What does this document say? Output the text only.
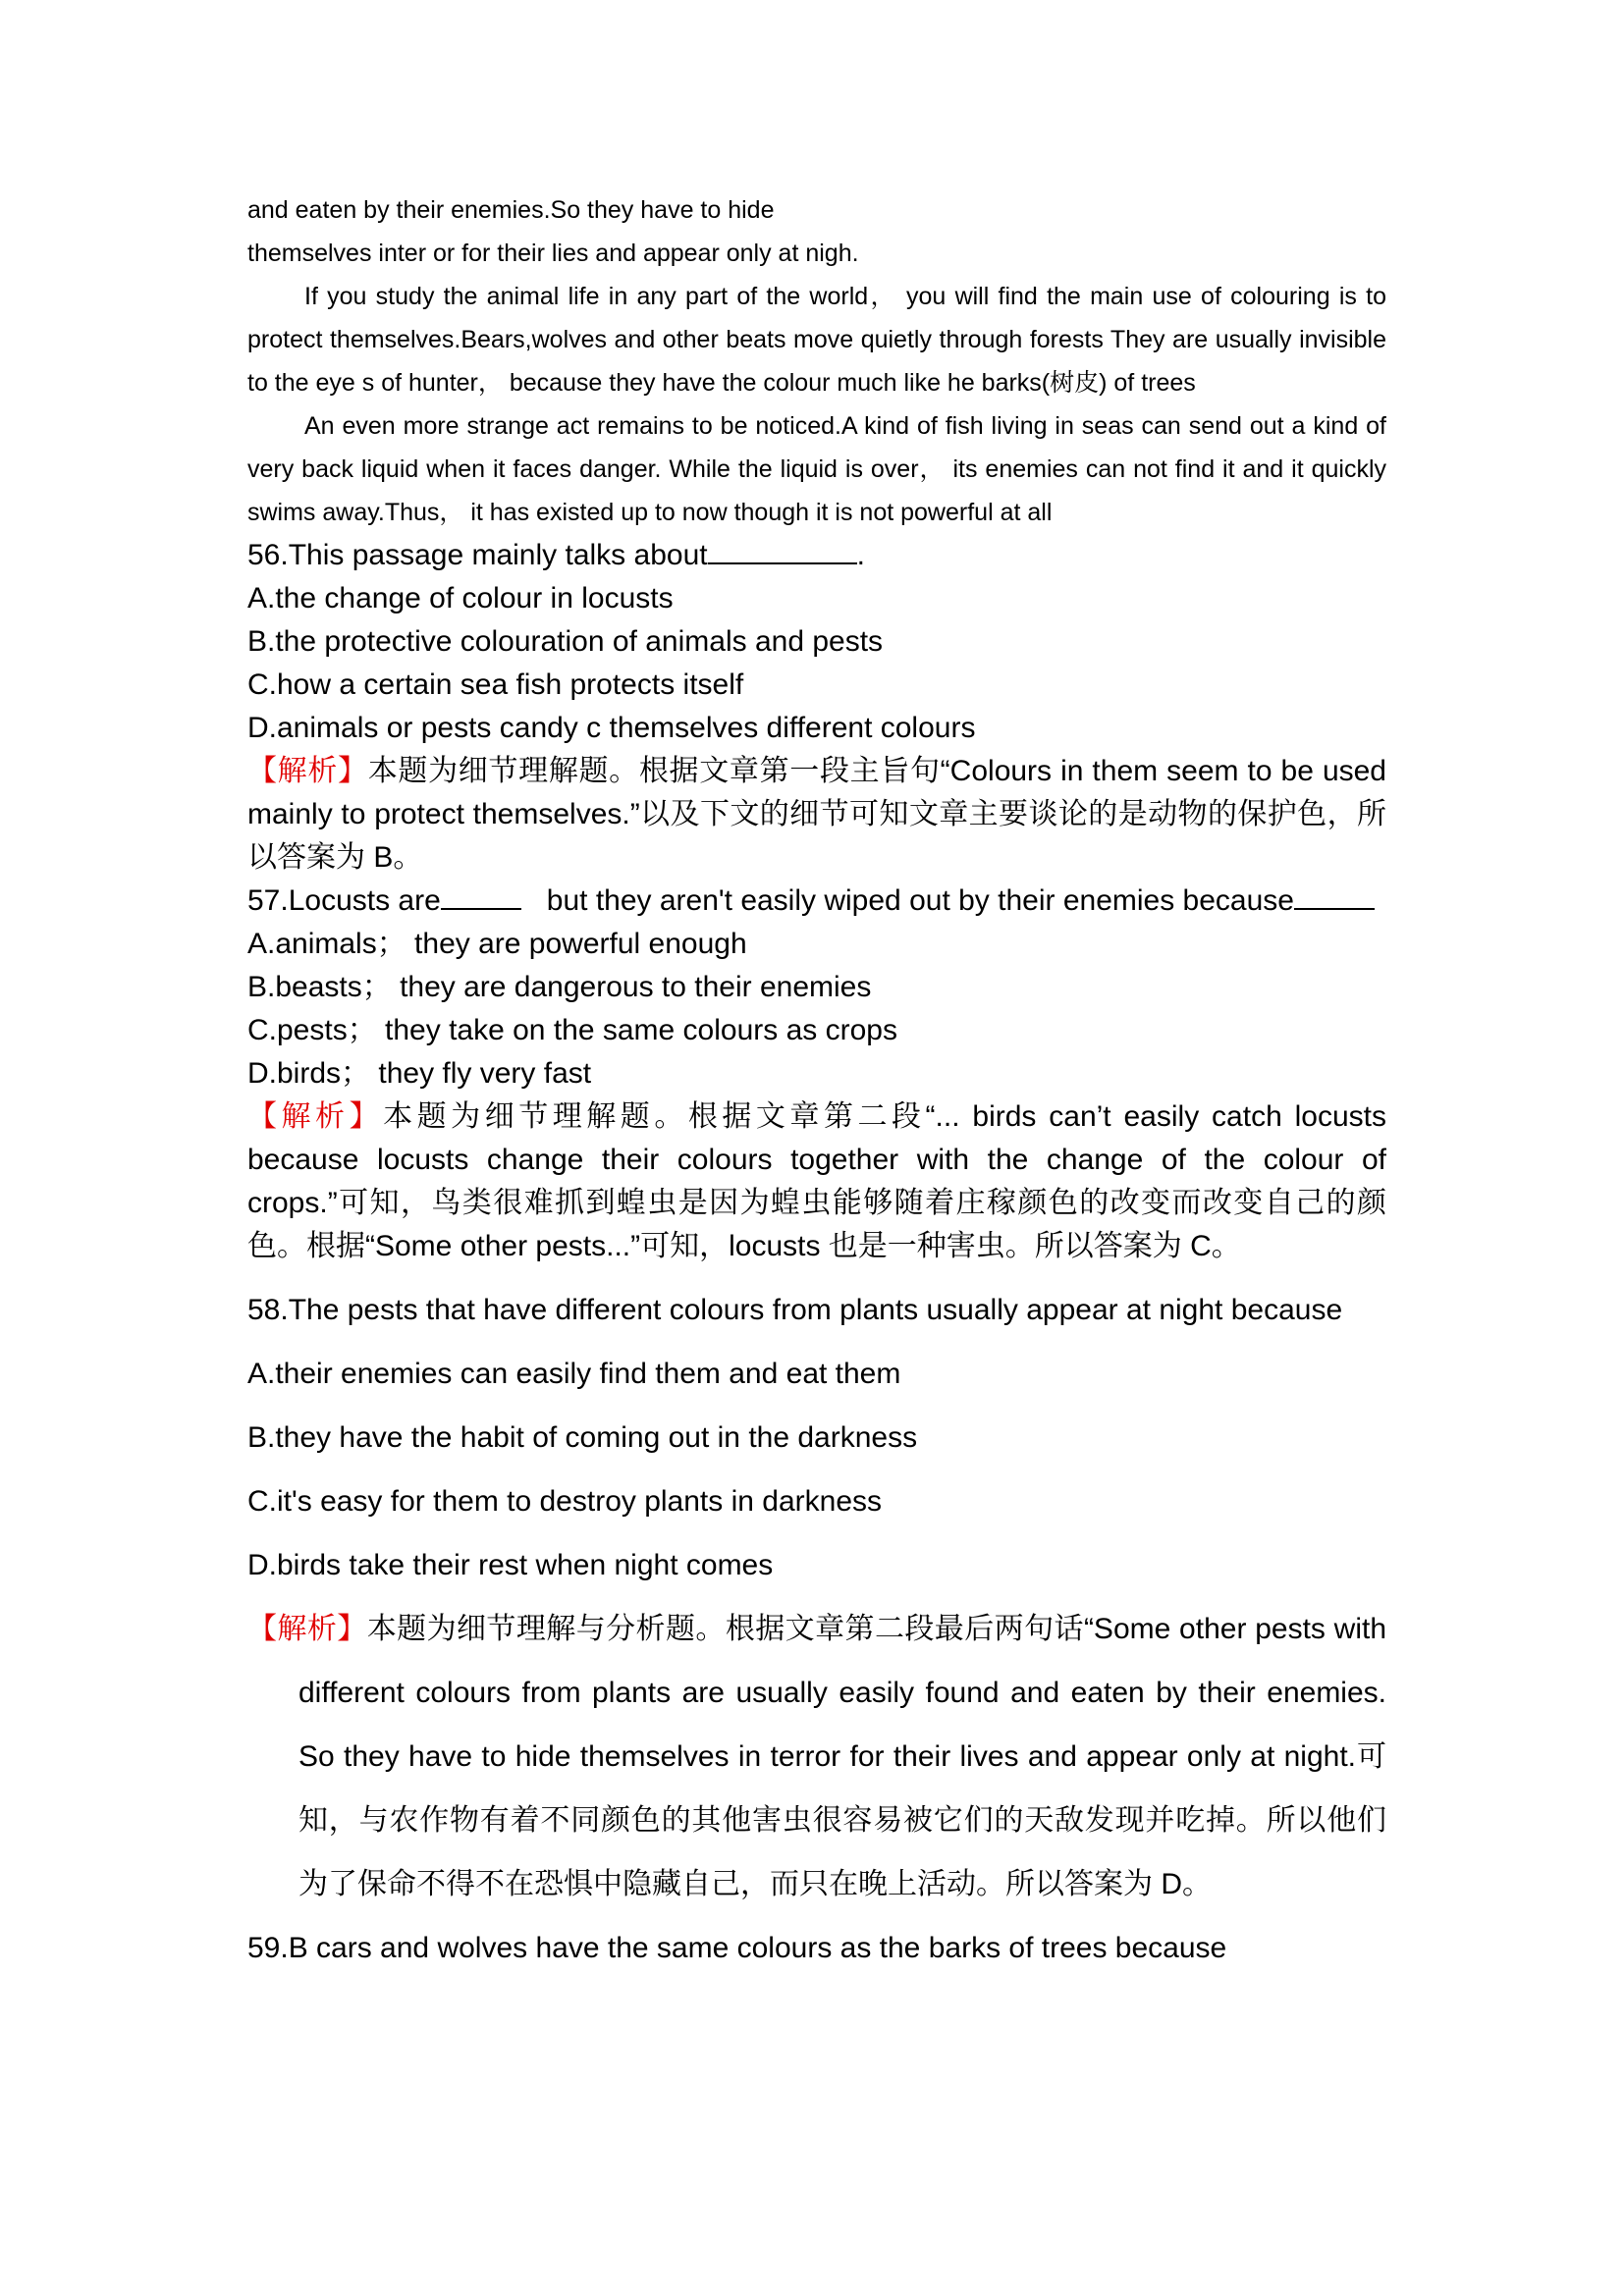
and eaten by their enemies.So they have to hide

themselves inter or for their lies and appear only at nigh.

If you study the animal life in any part of the world， you will find the main use of colouring is to protect themselves.Bears,wolves and other beats move quietly through forests They are usually invisible to the eye s of hunter， because they have the colour much like he barks(树皮) of trees

An even more strange act remains to be noticed.A kind of fish living in seas can send out a kind of very back liquid when it faces danger. While the liquid is over， its enemies can not find it and it quickly swims away.Thus， it has existed up to now though it is not powerful at all

56.This passage mainly talks about	.

A.the change of colour in locusts

B.the protective colouration of animals and pests

C.how a certain sea fish protects itself

D.animals or pests candy c themselves different colours

【解析】本题为细节理解题。根据文章第一段主旨句“Colours in them seem to be used mainly to protect themselves.”以及下文的细节可知文章主要谈论的是动物的保护色，所以答案为 B。

57.Locusts are	but they aren't easily wiped out by their enemies because

A.animals； they are powerful enough

B.beasts； they are dangerous to their enemies

C.pests； they take on the same colours as crops

D.birds； they fly very fast

【解析】本题为细节理解题。根据文章第二段“... birds can’t easily catch locusts because locusts change their colours together with the change of the colour of crops.”可知，鸟类很难抓到蝗虫是因为蝗虫能够随着庄稼颜色的改变而改变自己的颜色。根据“Some other pests...”可知，locusts 也是一种害虫。所以答案为 C。

58.The pests that have different colours from plants usually appear at night because

A.their enemies can easily find them and eat them

B.they have the habit of coming out in the darkness

C.it's easy for them to destroy plants in darkness

D.birds take their rest when night comes

【解析】本题为细节理解与分析题。根据文章第二段最后两句话“Some other pests with different colours from plants are usually easily found and eaten by their enemies. So they have to hide themselves in terror for their lives and appear only at night.可知，与农作物有着不同颜色的其他害虫很容易被它们的天敌发现并吃掉。所以他们为了保命不得不在恐惧中隐藏自己，而只在晚上活动。所以答案为 D。

59.B cars and wolves have the same colours as the barks of trees because
